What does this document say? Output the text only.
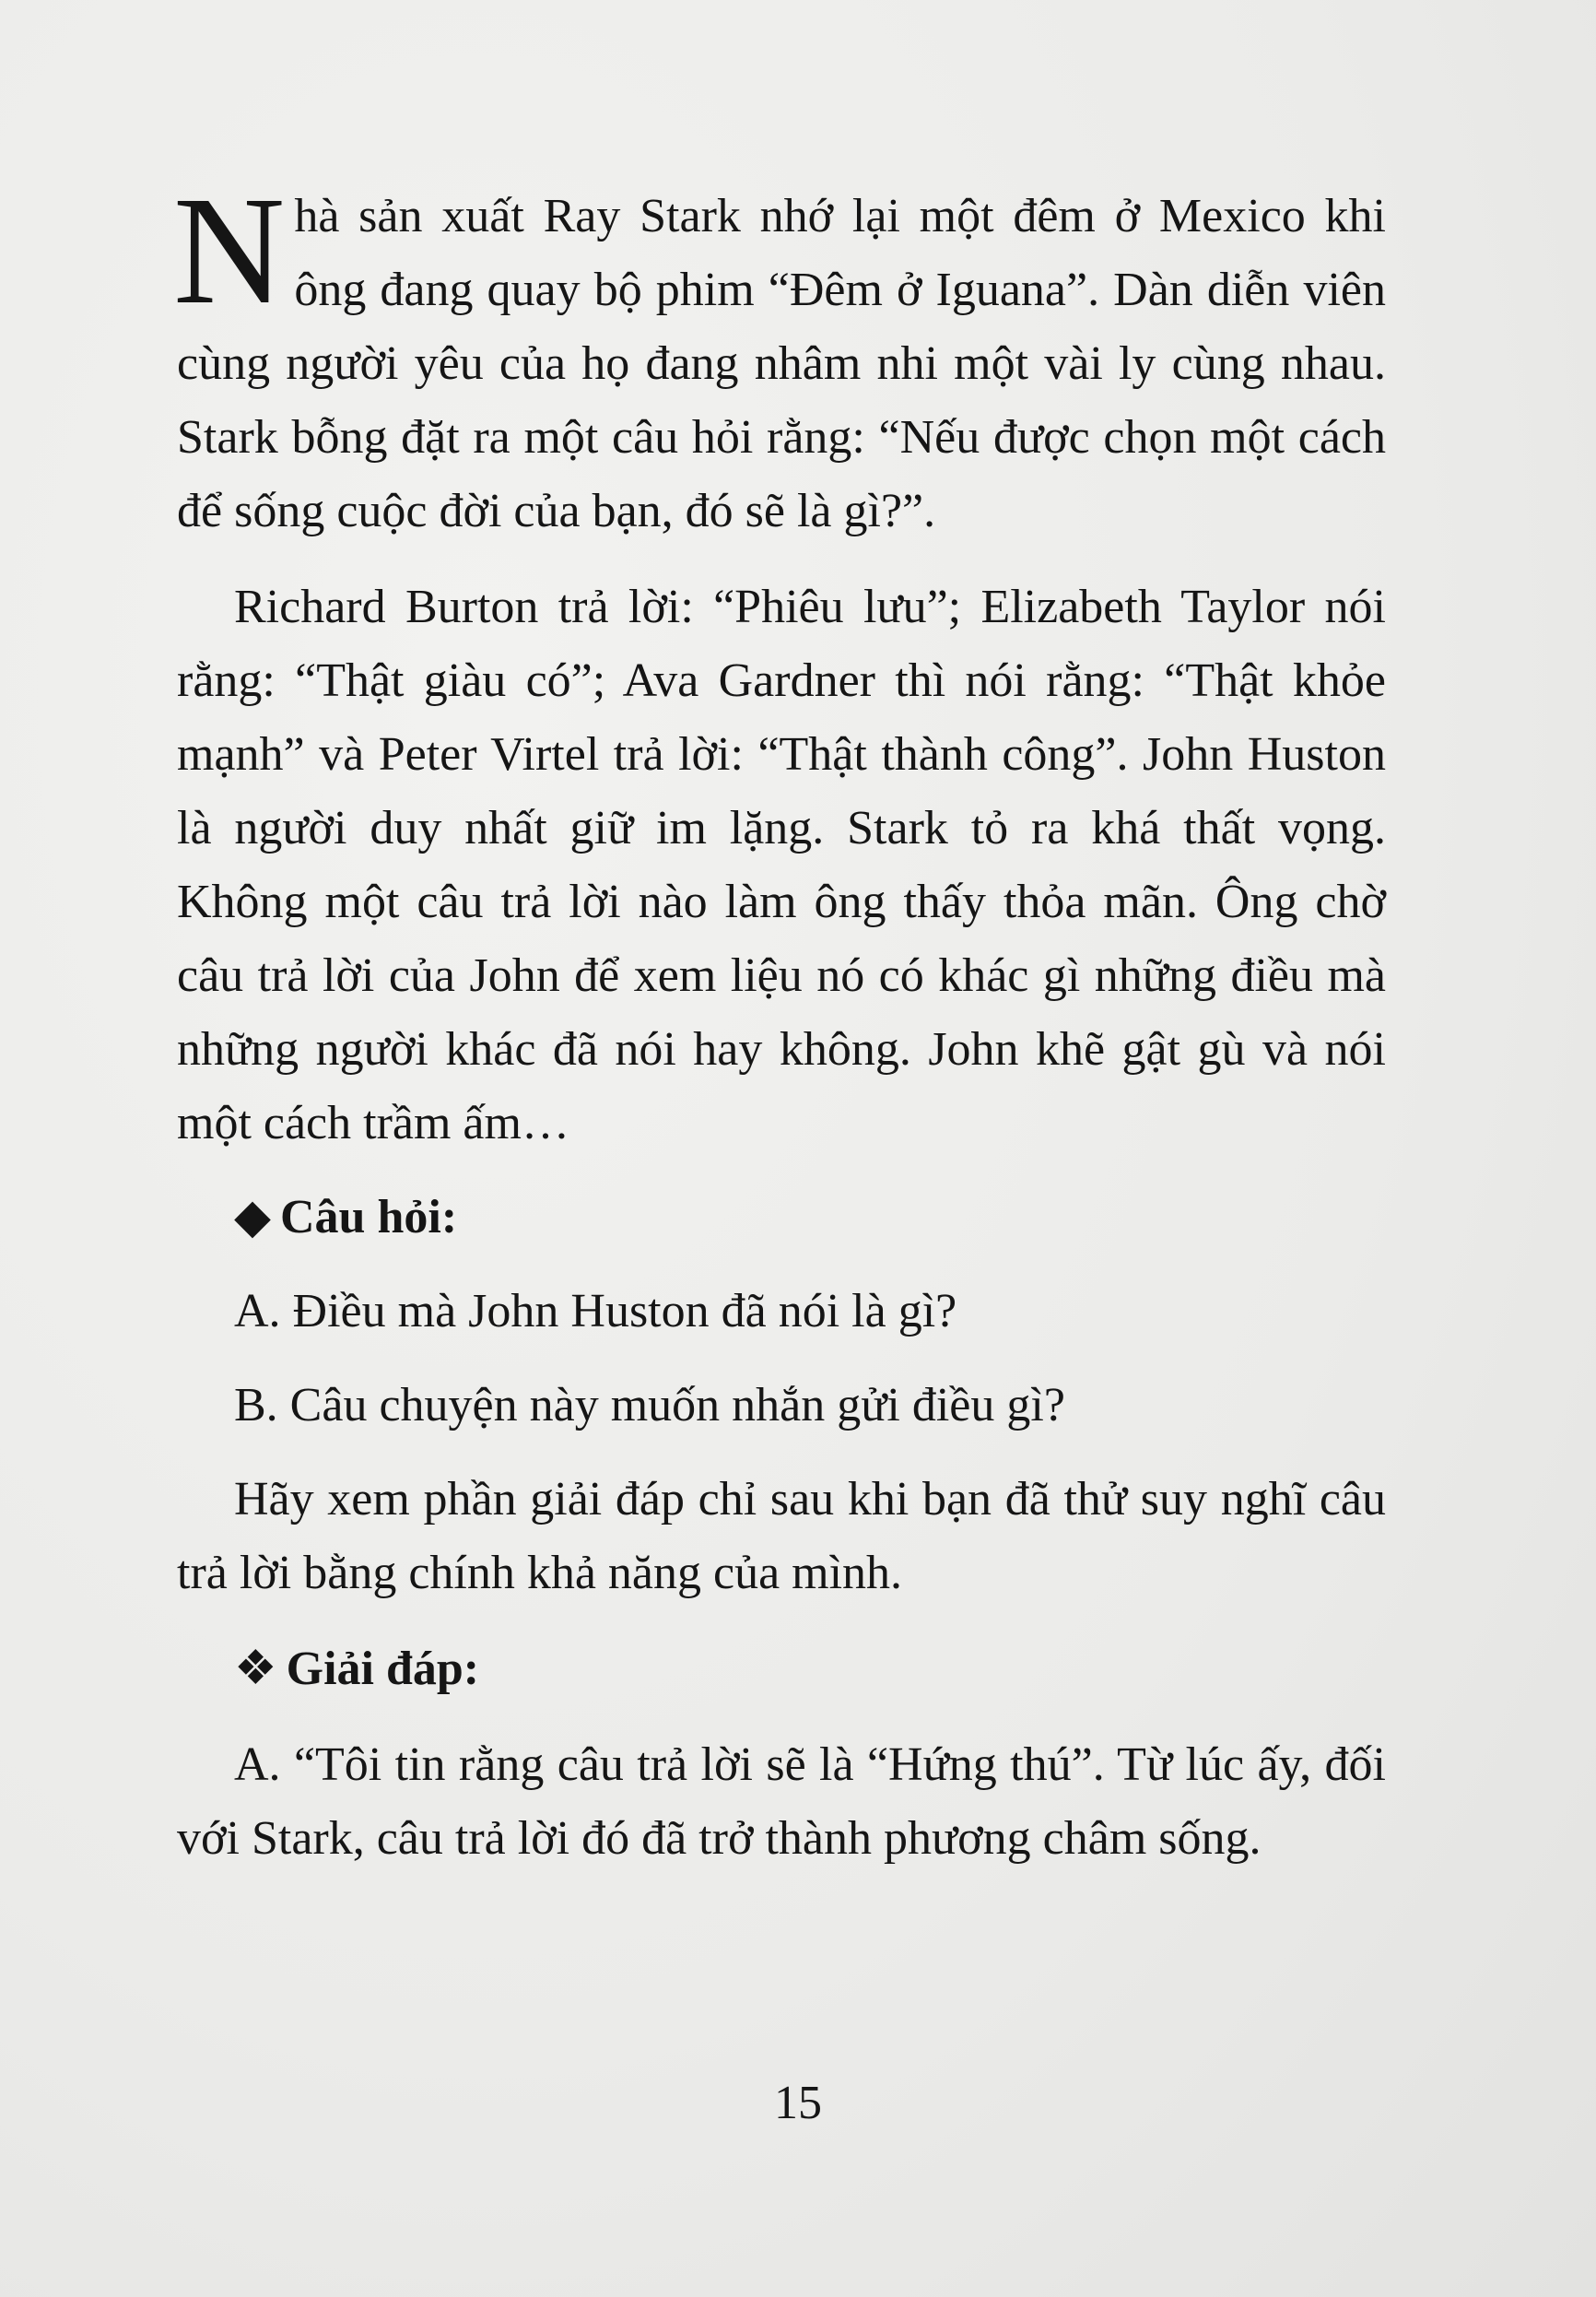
Nhà sản xuất Ray Stark nhớ lại một đêm ở Mexico khi ông đang quay bộ phim “Đêm ở Iguana”. Dàn diễn viên cùng người yêu của họ đang nhâm nhi một vài ly cùng nhau. Stark bỗng đặt ra một câu hỏi rằng: “Nếu được chọn một cách để sống cuộc đời của bạn, đó sẽ là gì?”.

Richard Burton trả lời: “Phiêu lưu”; Elizabeth Taylor nói rằng: “Thật giàu có”; Ava Gardner thì nói rằng: “Thật khỏe mạnh” và Peter Virtel trả lời: “Thật thành công”. John Huston là người duy nhất giữ im lặng. Stark tỏ ra khá thất vọng. Không một câu trả lời nào làm ông thấy thỏa mãn. Ông chờ câu trả lời của John để xem liệu nó có khác gì những điều mà những người khác đã nói hay không. John khẽ gật gù và nói một cách trầm ấm…

◆ Câu hỏi:

A. Điều mà John Huston đã nói là gì?

B. Câu chuyện này muốn nhắn gửi điều gì?

Hãy xem phần giải đáp chỉ sau khi bạn đã thử suy nghĩ câu trả lời bằng chính khả năng của mình.

❖ Giải đáp:

A. “Tôi tin rằng câu trả lời sẽ là “Hứng thú”. Từ lúc ấy, đối với Stark, câu trả lời đó đã trở thành phương châm sống.

15
